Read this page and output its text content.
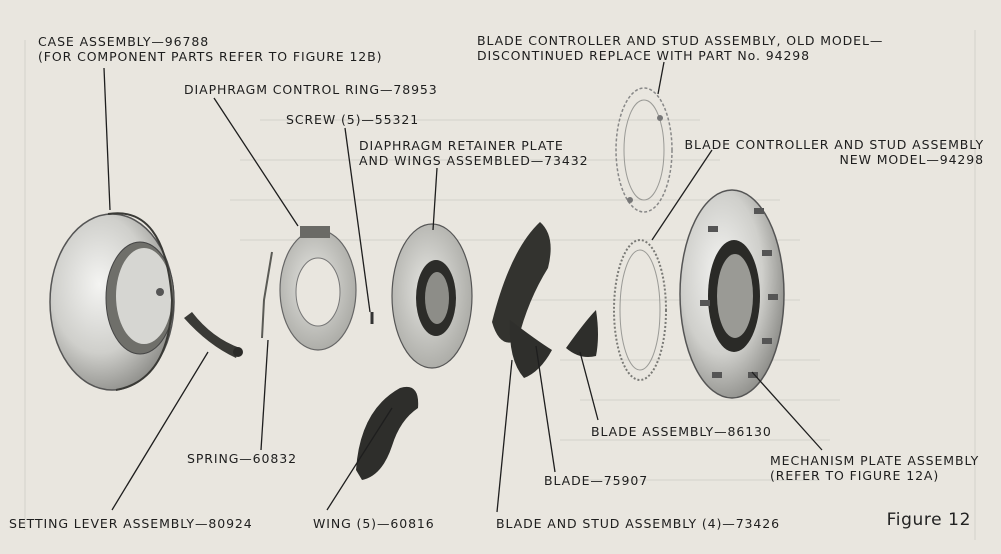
CASE ASSEMBLY—96788
(FOR COMPONENT PARTS REFER TO FIGURE 12B)
DIAPHRAGM CONTROL RING—78953
SCREW (5)—55321
DIAPHRAGM RETAINER PLATE
AND WINGS ASSEMBLED—73432
BLADE CONTROLLER AND STUD ASSEMBLY, OLD MODEL—
DISCONTINUED REPLACE WITH PART No. 94298
BLADE CONTROLLER AND STUD ASSEMBLY
NEW MODEL—94298
SPRING—60832
SETTING LEVER ASSEMBLY—80924	WING (5)—60816	BLADE AND STUD ASSEMBLY (4)—73426
BLADE—75907
BLADE ASSEMBLY—86130
MECHANISM PLATE ASSEMBLY
(REFER TO FIGURE 12A)
Figure 12
